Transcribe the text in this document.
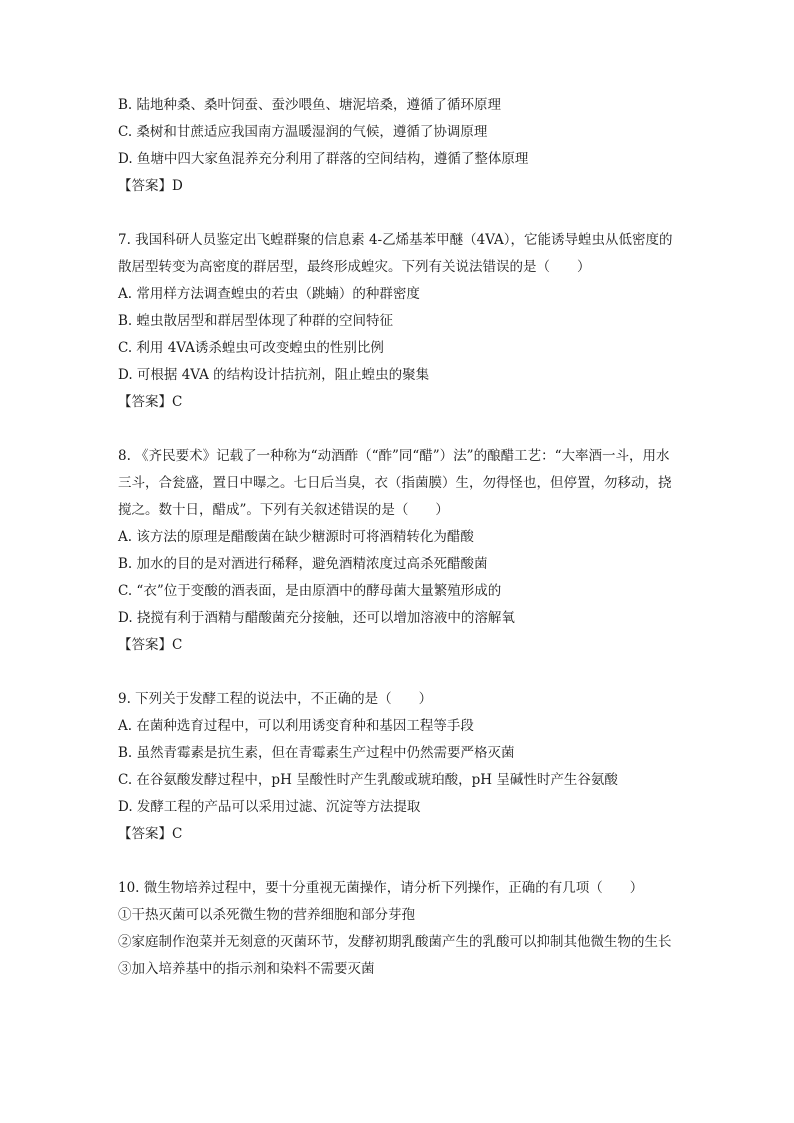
B. 陆地种桑、桑叶饲蚕、蚕沙喂鱼、塘泥培桑，遵循了循环原理
C. 桑树和甘蔗适应我国南方温暖湿润的气候，遵循了协调原理
D. 鱼塘中四大家鱼混养充分利用了群落的空间结构，遵循了整体原理
【答案】D
7. 我国科研人员鉴定出飞蝗群聚的信息素 4-乙烯基苯甲醚（4VA），它能诱导蝗虫从低密度的散居型转变为高密度的群居型，最终形成蝗灾。下列有关说法错误的是（　　）
A. 常用样方法调查蝗虫的若虫（跳蝻）的种群密度
B. 蝗虫散居型和群居型体现了种群的空间特征
C. 利用 4VA诱杀蝗虫可改变蝗虫的性别比例
D. 可根据 4VA 的结构设计拮抗剂，阻止蝗虫的聚集
【答案】C
8. 《齐民要术》记载了一种称为“动酒酢（“酢”同“醋”）法”的酿醋工艺：“大率酒一斗，用水三斗，合瓮盛，置日中曝之。七日后当臭，衣（指菌膜）生，勿得怪也，但停置，勿移动，挠搅之。数十日，醋成”。下列有关叙述错误的是（　　）
A. 该方法的原理是醋酸菌在缺少糖源时可将酒精转化为醋酸
B. 加水的目的是对酒进行稀释，避免酒精浓度过高杀死醋酸菌
C. “衣”位于变酸的酒表面，是由原酒中的酵母菌大量繁殖形成的
D. 挠搅有利于酒精与醋酸菌充分接触，还可以增加溶液中的溶解氧
【答案】C
9. 下列关于发酵工程的说法中，不正确的是（　　）
A. 在菌种选育过程中，可以利用诱变育种和基因工程等手段
B. 虽然青霉素是抗生素，但在青霉素生产过程中仍然需要严格灭菌
C. 在谷氨酸发酵过程中，pH 呈酸性时产生乳酸或琥珀酸，pH 呈碱性时产生谷氨酸
D. 发酵工程的产品可以采用过滤、沉淀等方法提取
【答案】C
10. 微生物培养过程中，要十分重视无菌操作，请分析下列操作，正确的有几项（　　）
①干热灭菌可以杀死微生物的营养细胞和部分芽孢
②家庭制作泡菜并无刻意的灭菌环节，发酵初期乳酸菌产生的乳酸可以抑制其他微生物的生长
③加入培养基中的指示剂和染料不需要灭菌
